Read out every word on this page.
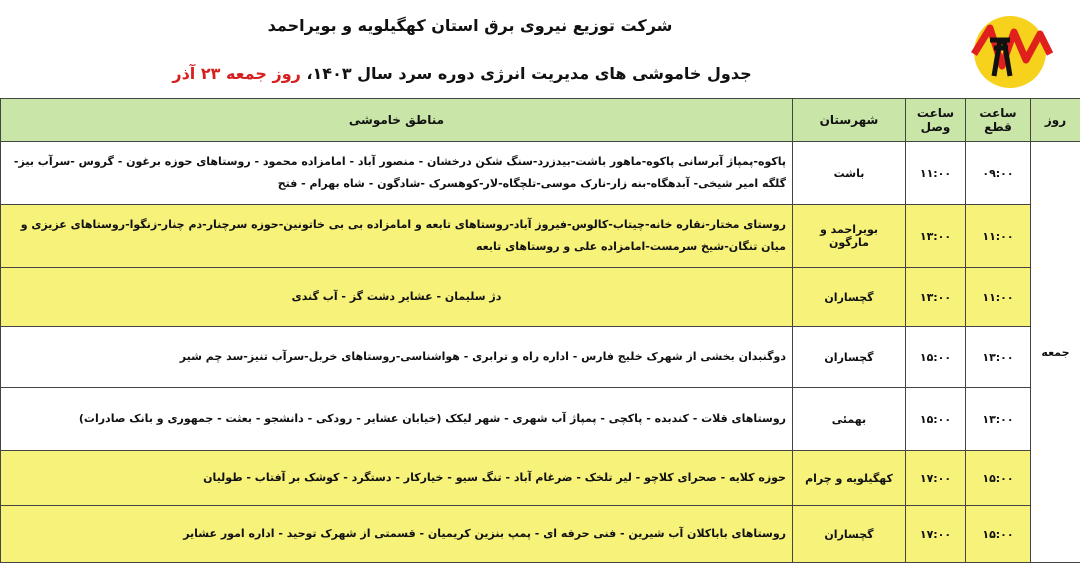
شرکت توزیع نیروی برق استان کهگیلویه و بویراحمد
جدول خاموشی های مدیریت انرژی دوره سرد سال ۱۴۰۳، روز جمعه ۲۳ آذر
روز	ساعت قطع	ساعت وصل	شهرستان	مناطق خاموشی
جمعه	۰۹:۰۰	۱۱:۰۰	باشت	پاکوه-پمپاژ آبرسانی پاکوه-ماهور باشت-بیدزرد-سنگ شکن درخشان - منصور آباد - امامزاده محمود - روستاهای حوزه برغون - گروس -سرآب بیز-گلگه امیر شیخی- آبدهگاه-بنه زار-نارک موسی-تلچگاه-لار-کوهسرک -شادگون - شاه بهرام - فتح
	۱۱:۰۰	۱۳:۰۰	بویراحمد و مارگون	روستای مختار-نقاره خانه-چیتاب-کالوس-فیروز آباد-روستاهای تابعه و امامزاده بی بی خاتونین-حوزه سرچنار-دم چنار-زنگوا-روستاهای عزیزی و میان تنگان-شیخ سرمست-امامزاده علی و روستاهای تابعه
	۱۱:۰۰	۱۳:۰۰	گچساران	دژ سلیمان - عشایر دشت گز - آب گندی
	۱۳:۰۰	۱۵:۰۰	گچساران	دوگنبدان بخشی از شهرک خلیج فارس - اداره راه و ترابری - هواشناسی-روستاهای خربل-سرآب تنیز-سد چم شیر
	۱۳:۰۰	۱۵:۰۰	بهمئی	روستاهای قلات - کندبده - پاکچی - پمپاژ آب شهری - شهر لیکک (خیابان عشایر - رودکی - دانشجو - بعثت - جمهوری و بانک صادرات)
	۱۵:۰۰	۱۷:۰۰	کهگیلویه و چرام	حوزه کلایه - صحرای کلاچو - لیر تلخک - ضرغام آباد - تنگ سیو - خیارکار - دستگرد - کوشک بر آفتاب - طولیان
	۱۵:۰۰	۱۷:۰۰	گچساران	روستاهای باباکلان آب شیرین - فنی حرفه ای - پمپ بنزین کریمیان - قسمتی از شهرک توحید - اداره امور عشایر
